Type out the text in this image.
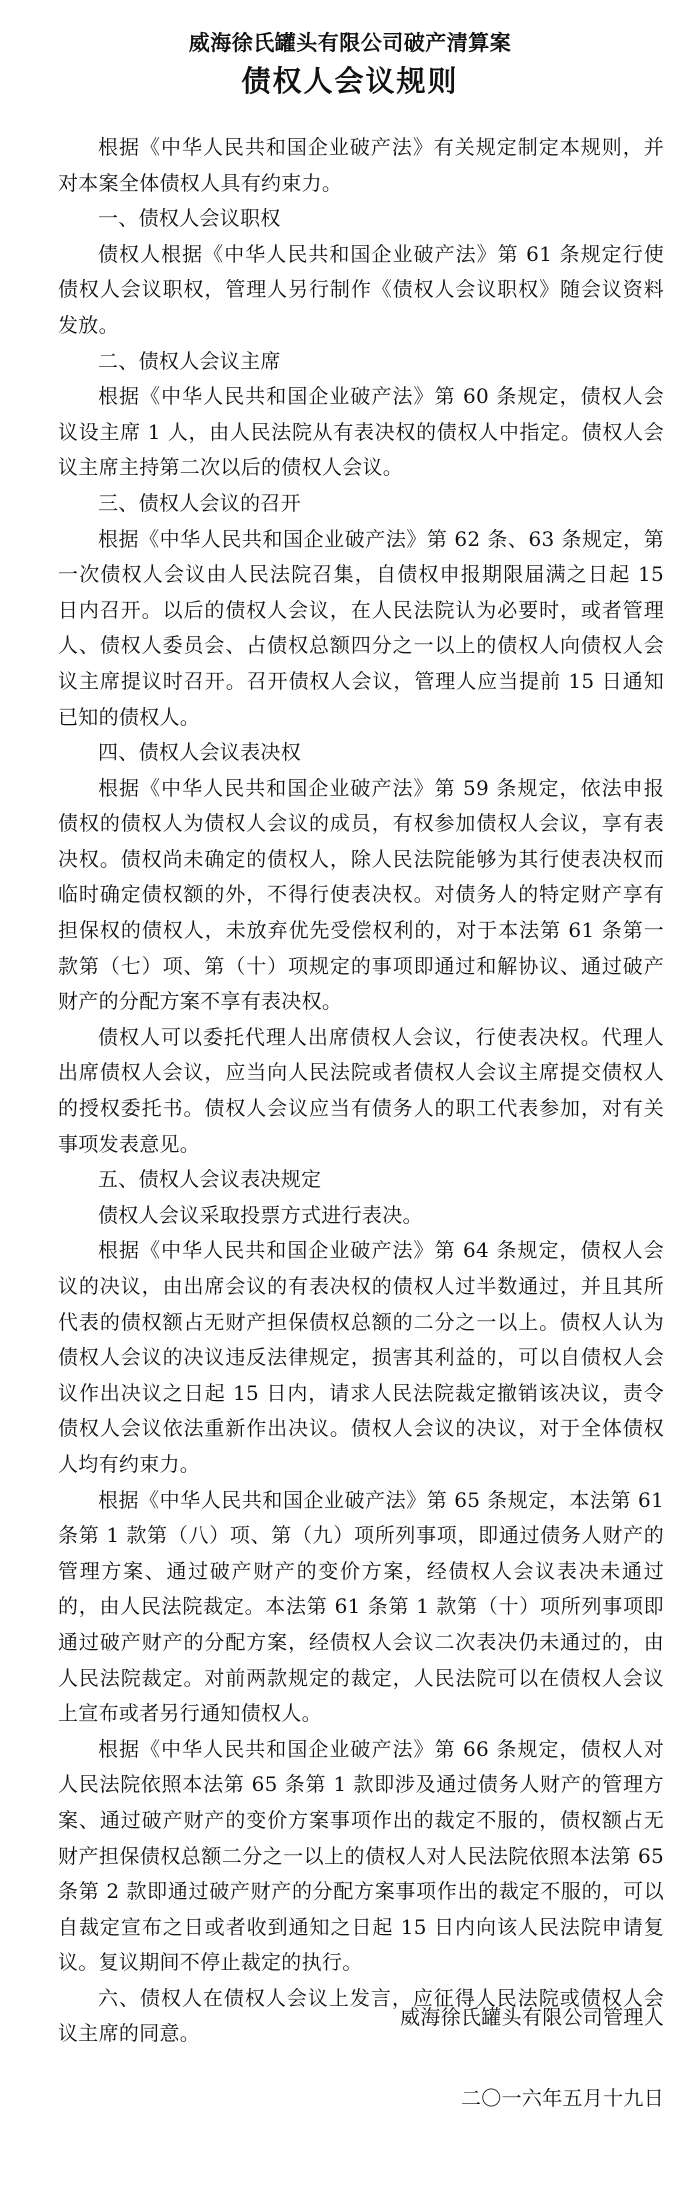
威海徐氏罐头有限公司破产清算案
债权人会议规则

根据《中华人民共和国企业破产法》有关规定制定本规则，并对本案全体债权人具有约束力。

一、债权人会议职权

债权人根据《中华人民共和国企业破产法》第 61 条规定行使债权人会议职权，管理人另行制作《债权人会议职权》随会议资料发放。

二、债权人会议主席

根据《中华人民共和国企业破产法》第 60 条规定，债权人会议设主席 1 人，由人民法院从有表决权的债权人中指定。债权人会议主席主持第二次以后的债权人会议。

三、债权人会议的召开

根据《中华人民共和国企业破产法》第 62 条、63 条规定，第一次债权人会议由人民法院召集，自债权申报期限届满之日起 15 日内召开。以后的债权人会议，在人民法院认为必要时，或者管理人、债权人委员会、占债权总额四分之一以上的债权人向债权人会议主席提议时召开。召开债权人会议，管理人应当提前 15 日通知已知的债权人。

四、债权人会议表决权

根据《中华人民共和国企业破产法》第 59 条规定，依法申报债权的债权人为债权人会议的成员，有权参加债权人会议，享有表决权。债权尚未确定的债权人，除人民法院能够为其行使表决权而临时确定债权额的外，不得行使表决权。对债务人的特定财产享有担保权的债权人，未放弃优先受偿权利的，对于本法第 61 条第一款第（七）项、第（十）项规定的事项即通过和解协议、通过破产财产的分配方案不享有表决权。

债权人可以委托代理人出席债权人会议，行使表决权。代理人出席债权人会议，应当向人民法院或者债权人会议主席提交债权人的授权委托书。债权人会议应当有债务人的职工代表参加，对有关事项发表意见。

五、债权人会议表决规定

债权人会议采取投票方式进行表决。

根据《中华人民共和国企业破产法》第 64 条规定，债权人会议的决议，由出席会议的有表决权的债权人过半数通过，并且其所代表的债权额占无财产担保债权总额的二分之一以上。债权人认为债权人会议的决议违反法律规定，损害其利益的，可以自债权人会议作出决议之日起 15 日内，请求人民法院裁定撤销该决议，责令债权人会议依法重新作出决议。债权人会议的决议，对于全体债权人均有约束力。

根据《中华人民共和国企业破产法》第 65 条规定，本法第 61 条第 1 款第（八）项、第（九）项所列事项，即通过债务人财产的管理方案、通过破产财产的变价方案，经债权人会议表决未通过的，由人民法院裁定。本法第 61 条第 1 款第（十）项所列事项即通过破产财产的分配方案，经债权人会议二次表决仍未通过的，由人民法院裁定。对前两款规定的裁定，人民法院可以在债权人会议上宣布或者另行通知债权人。

根据《中华人民共和国企业破产法》第 66 条规定，债权人对人民法院依照本法第 65 条第 1 款即涉及通过债务人财产的管理方案、通过破产财产的变价方案事项作出的裁定不服的，债权额占无财产担保债权总额二分之一以上的债权人对人民法院依照本法第 65 条第 2 款即通过破产财产的分配方案事项作出的裁定不服的，可以自裁定宣布之日或者收到通知之日起 15 日内向该人民法院申请复议。复议期间不停止裁定的执行。

六、债权人在债权人会议上发言，应征得人民法院或债权人会议主席的同意。

威海徐氏罐头有限公司管理人
二〇一六年五月十九日
